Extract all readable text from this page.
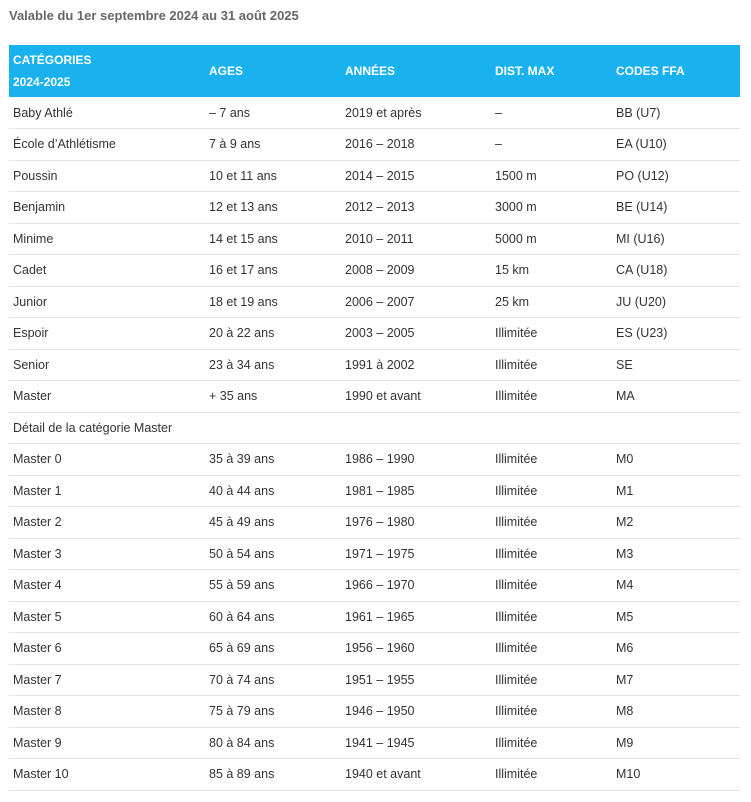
Valable du 1er septembre 2024 au 31 août 2025
CATÉGORIES
2024-2025	AGES	ANNÉES	DIST. MAX	CODES FFA

Baby Athlé	– 7 ans	2019 et après	–	BB (U7)
École d’Athlétisme	7 à 9 ans	2016 – 2018	–	EA (U10)
Poussin	10 et 11 ans	2014 – 2015	1500 m	PO (U12)
Benjamin	12 et 13 ans	2012 – 2013	3000 m	BE (U14)
Minime	14 et 15 ans	2010 – 2011	5000 m	MI (U16)
Cadet	16 et 17 ans	2008 – 2009	15 km	CA (U18)
Junior	18 et 19 ans	2006 – 2007	25 km	JU (U20)
Espoir	20 à 22 ans	2003 – 2005	Illimitée	ES (U23)
Senior	23 à 34 ans	1991 à 2002	Illimitée	SE
Master	+ 35 ans	1990 et avant	Illimitée	MA
Détail de la catégorie Master				
Master 0	35 à 39 ans	1986 – 1990	Illimitée	M0
Master 1	40 à 44 ans	1981 – 1985	Illimitée	M1
Master 2	45 à 49 ans	1976 – 1980	Illimitée	M2
Master 3	50 à 54 ans	1971 – 1975	Illimitée	M3
Master 4	55 à 59 ans	1966 – 1970	Illimitée	M4
Master 5	60 à 64 ans	1961 – 1965	Illimitée	M5
Master 6	65 à 69 ans	1956 – 1960	Illimitée	M6
Master 7	70 à 74 ans	1951 – 1955	Illimitée	M7
Master 8	75 à 79 ans	1946 – 1950	Illimitée	M8
Master 9	80 à 84 ans	1941 – 1945	Illimitée	M9
Master 10	85 à 89 ans	1940 et avant	Illimitée	M10
